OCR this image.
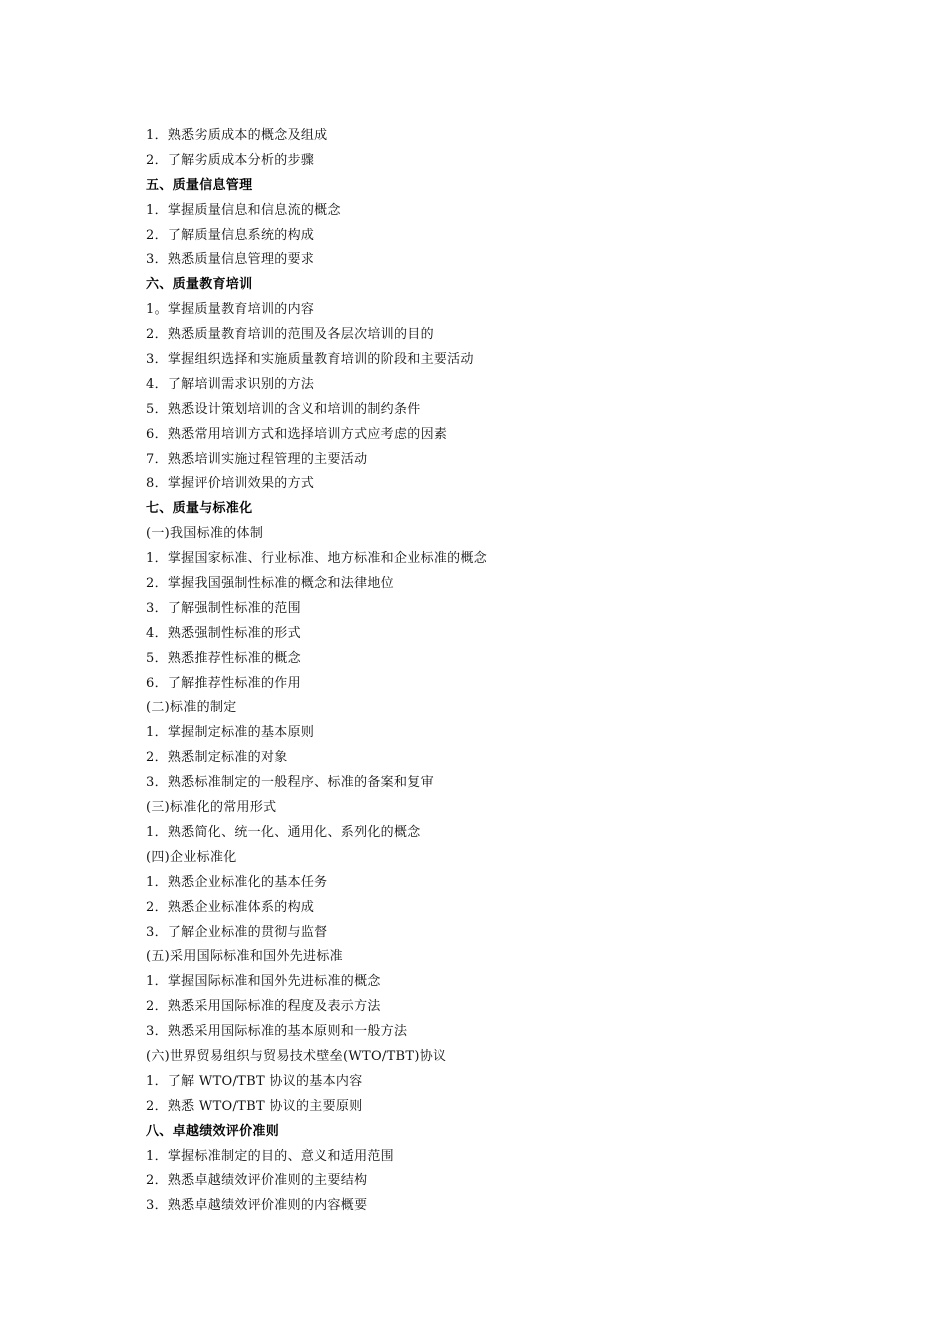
1．熟悉劣质成本的概念及组成
2．了解劣质成本分析的步骤
五、质量信息管理
1．掌握质量信息和信息流的概念
2．了解质量信息系统的构成
3．熟悉质量信息管理的要求
六、质量教育培训
1。掌握质量教育培训的内容
2．熟悉质量教育培训的范围及各层次培训的目的
3．掌握组织选择和实施质量教育培训的阶段和主要活动
4．了解培训需求识别的方法
5．熟悉设计策划培训的含义和培训的制约条件
6．熟悉常用培训方式和选择培训方式应考虑的因素
7．熟悉培训实施过程管理的主要活动
8．掌握评价培训效果的方式
七、质量与标准化
(一)我国标准的体制
1．掌握国家标准、行业标准、地方标准和企业标准的概念
2．掌握我国强制性标准的概念和法律地位
3．了解强制性标准的范围
4．熟悉强制性标准的形式
5．熟悉推荐性标准的概念
6．了解推荐性标准的作用
(二)标准的制定
1．掌握制定标准的基本原则
2．熟悉制定标准的对象
3．熟悉标准制定的一般程序、标准的备案和复审
(三)标准化的常用形式
1．熟悉简化、统一化、通用化、系列化的概念
(四)企业标准化
1．熟悉企业标准化的基本任务
2．熟悉企业标准体系的构成
3．了解企业标准的贯彻与监督
(五)采用国际标准和国外先进标准
1．掌握国际标准和国外先进标准的概念
2．熟悉采用国际标准的程度及表示方法
3．熟悉采用国际标准的基本原则和一般方法
(六)世界贸易组织与贸易技术壁垒(WTO/TBT)协议
1．了解 WTO/TBT 协议的基本内容
2．熟悉 WTO/TBT 协议的主要原则
八、卓越绩效评价准则
1．掌握标准制定的目的、意义和适用范围
2．熟悉卓越绩效评价准则的主要结构
3．熟悉卓越绩效评价准则的内容概要
